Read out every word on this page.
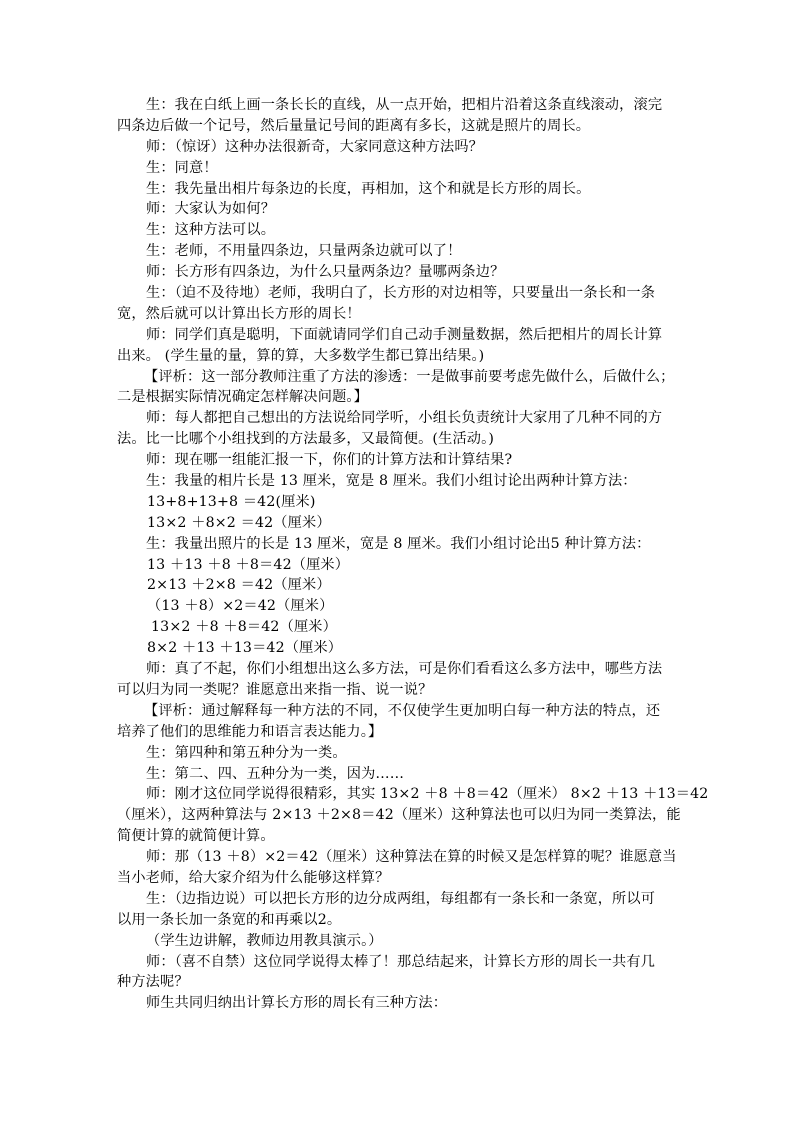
生：我在白纸上画一条长长的直线，从一点开始，把相片沿着这条直线滚动，滚完
四条边后做一个记号，然后量量记号间的距离有多长，这就是照片的周长。
师：（惊讶）这种办法很新奇，大家同意这种方法吗？
生：同意！
生：我先量出相片每条边的长度，再相加，这个和就是长方形的周长。
师：大家认为如何？
生：这种方法可以。
生：老师，不用量四条边，只量两条边就可以了！
师：长方形有四条边，为什么只量两条边？量哪两条边？
生：（迫不及待地）老师，我明白了，长方形的对边相等，只要量出一条长和一条
宽，然后就可以计算出长方形的周长！
师：同学们真是聪明，下面就请同学们自己动手测量数据，然后把相片的周长计算
出来。 (学生量的量，算的算，大多数学生都已算出结果。)
【评析：这一部分教师注重了方法的渗透：一是做事前要考虑先做什么，后做什么；
二是根据实际情况确定怎样解决问题。】
师：每人都把自己想出的方法说给同学听，小组长负责统计大家用了几种不同的方
法。比一比哪个小组找到的方法最多，又最简便。(生活动。)
师：现在哪一组能汇报一下，你们的计算方法和计算结果?
生：我量的相片长是 13 厘米，宽是 8 厘米。我们小组讨论出两种计算方法：
13+8+13+8 ＝42(厘米)
13×2 ＋8×2 ＝42（厘米）
生：我量出照片的长是 13 厘米，宽是 8 厘米。我们小组讨论出5 种计算方法：
13 ＋13 ＋8 ＋8＝42（厘米）
2×13 ＋2×8 ＝42（厘米）
（13 ＋8）×2＝42（厘米）
13×2 ＋8 ＋8＝42（厘米）
8×2 ＋13 ＋13＝42（厘米）
师：真了不起，你们小组想出这么多方法，可是你们看看这么多方法中，哪些方法
可以归为同一类呢？谁愿意出来指一指、说一说？
【评析：通过解释每一种方法的不同，不仅使学生更加明白每一种方法的特点，还
培养了他们的思维能力和语言表达能力。】
生：第四种和第五种分为一类。
生：第二、四、五种分为一类，因为……
师：刚才这位同学说得很精彩，其实 13×2 ＋8 ＋8＝42（厘米） 8×2 ＋13 ＋13＝42
（厘米），这两种算法与 2×13 ＋2×8＝42（厘米）这种算法也可以归为同一类算法，能
简便计算的就简便计算。
师：那（13 ＋8）×2＝42（厘米）这种算法在算的时候又是怎样算的呢？谁愿意当
当小老师，给大家介绍为什么能够这样算？
生：（边指边说）可以把长方形的边分成两组，每组都有一条长和一条宽，所以可
以用一条长加一条宽的和再乘以2。
（学生边讲解，教师边用教具演示。）
师：（喜不自禁）这位同学说得太棒了！那总结起来，计算长方形的周长一共有几
种方法呢？
师生共同归纳出计算长方形的周长有三种方法：
